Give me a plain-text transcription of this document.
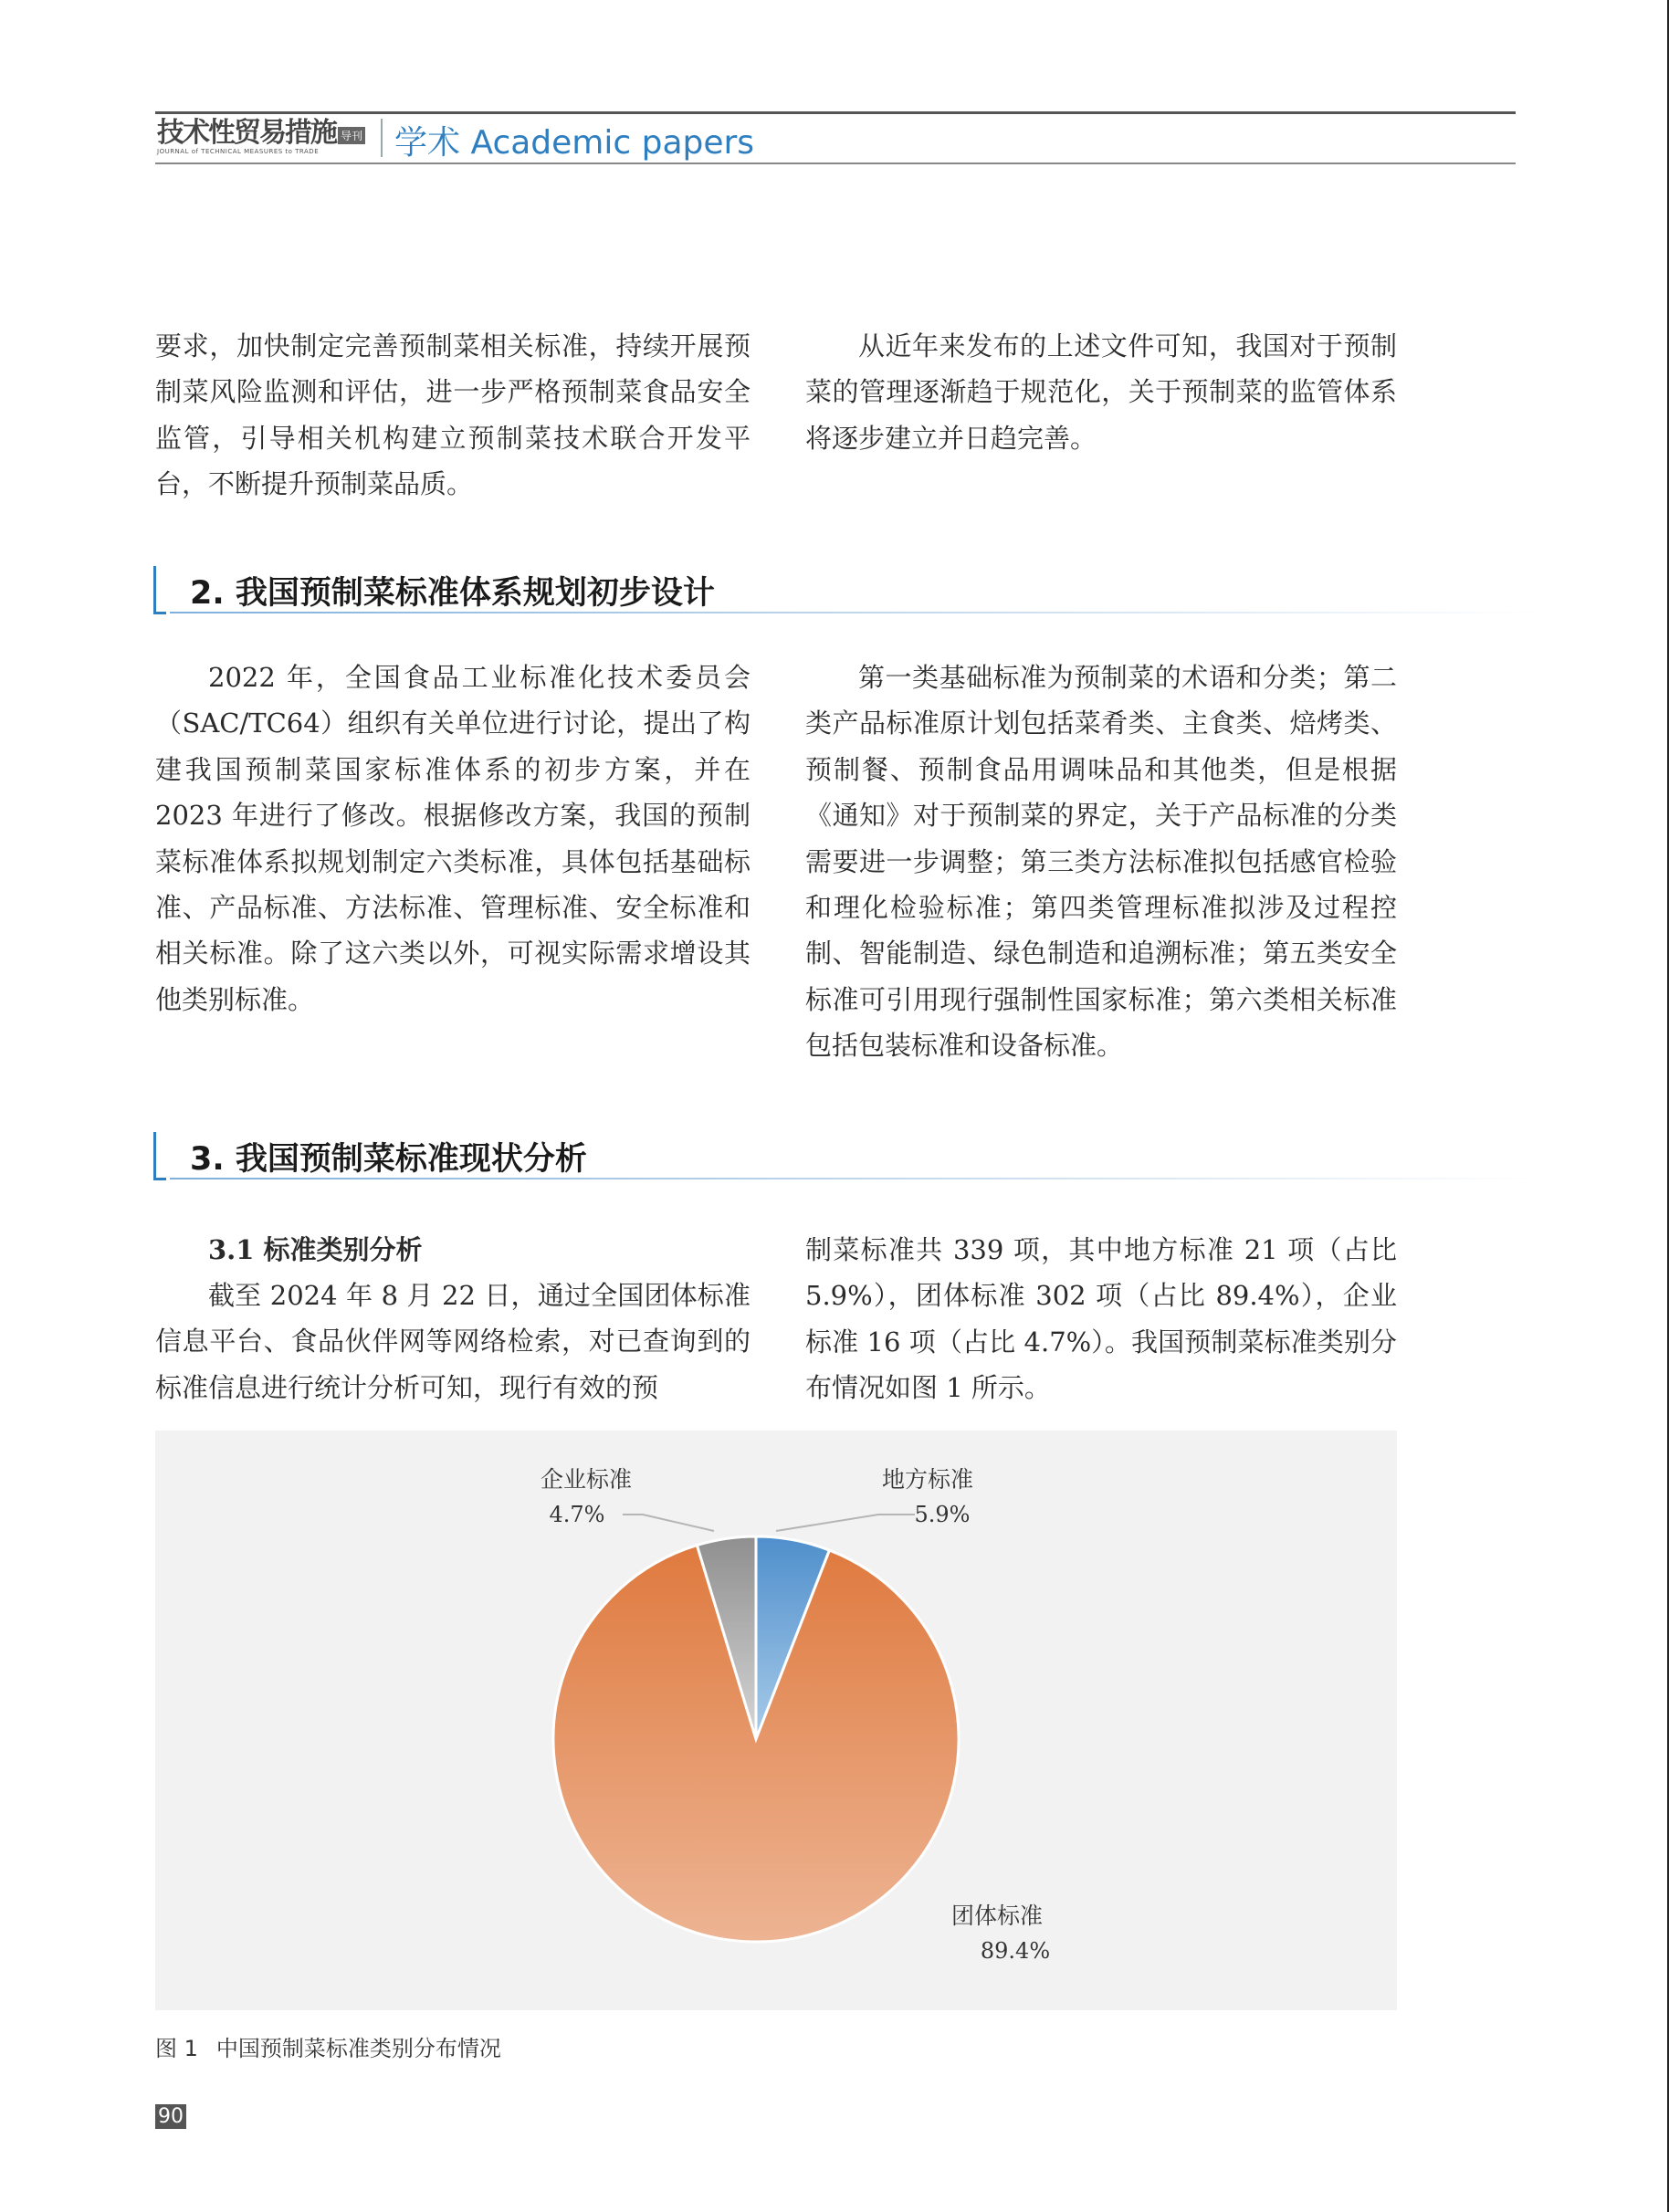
技术性贸易措施
JOURNAL of TECHNICAL MEASURES to TRADE
导刊 学术 Academic papers
要求，加快制定完善预制菜相关标准，持续开展预制菜风险监测和评估，进一步严格预制菜食品安全监管，引导相关机构建立预制菜技术联合开发平台，不断提升预制菜品质。
从近年来发布的上述文件可知，我国对于预制菜的管理逐渐趋于规范化，关于预制菜的监管体系将逐步建立并日趋完善。
2. 我国预制菜标准体系规划初步设计
2022 年，全国食品工业标准化技术委员会（SAC/TC64）组织有关单位进行讨论，提出了构建我国预制菜国家标准体系的初步方案，并在 2023 年进行了修改。根据修改方案，我国的预制菜标准体系拟规划制定六类标准，具体包括基础标准、产品标准、方法标准、管理标准、安全标准和相关标准。除了这六类以外，可视实际需求增设其他类别标准。
第一类基础标准为预制菜的术语和分类；第二类产品标准原计划包括菜肴类、主食类、焙烤类、预制餐、预制食品用调味品和其他类，但是根据《通知》对于预制菜的界定，关于产品标准的分类需要进一步调整；第三类方法标准拟包括感官检验和理化检验标准；第四类管理标准拟涉及过程控制、智能制造、绿色制造和追溯标准；第五类安全标准可引用现行强制性国家标准；第六类相关标准包括包装标准和设备标准。
3. 我国预制菜标准现状分析
3.1 标准类别分析
截至 2024 年 8 月 22 日，通过全国团体标准信息平台、食品伙伴网等网络检索，对已查询到的标准信息进行统计分析可知，现行有效的预
制菜标准共 339 项，其中地方标准 21 项（占比 5.9%），团体标准 302 项（占比 89.4%），企业标准 16 项（占比 4.7%）。我国预制菜标准类别分布情况如图 1 所示。
地方标准
5.9%
团体标准
89.4%
企业标准
4.7%
图 1 中国预制菜标准类别分布情况
90
